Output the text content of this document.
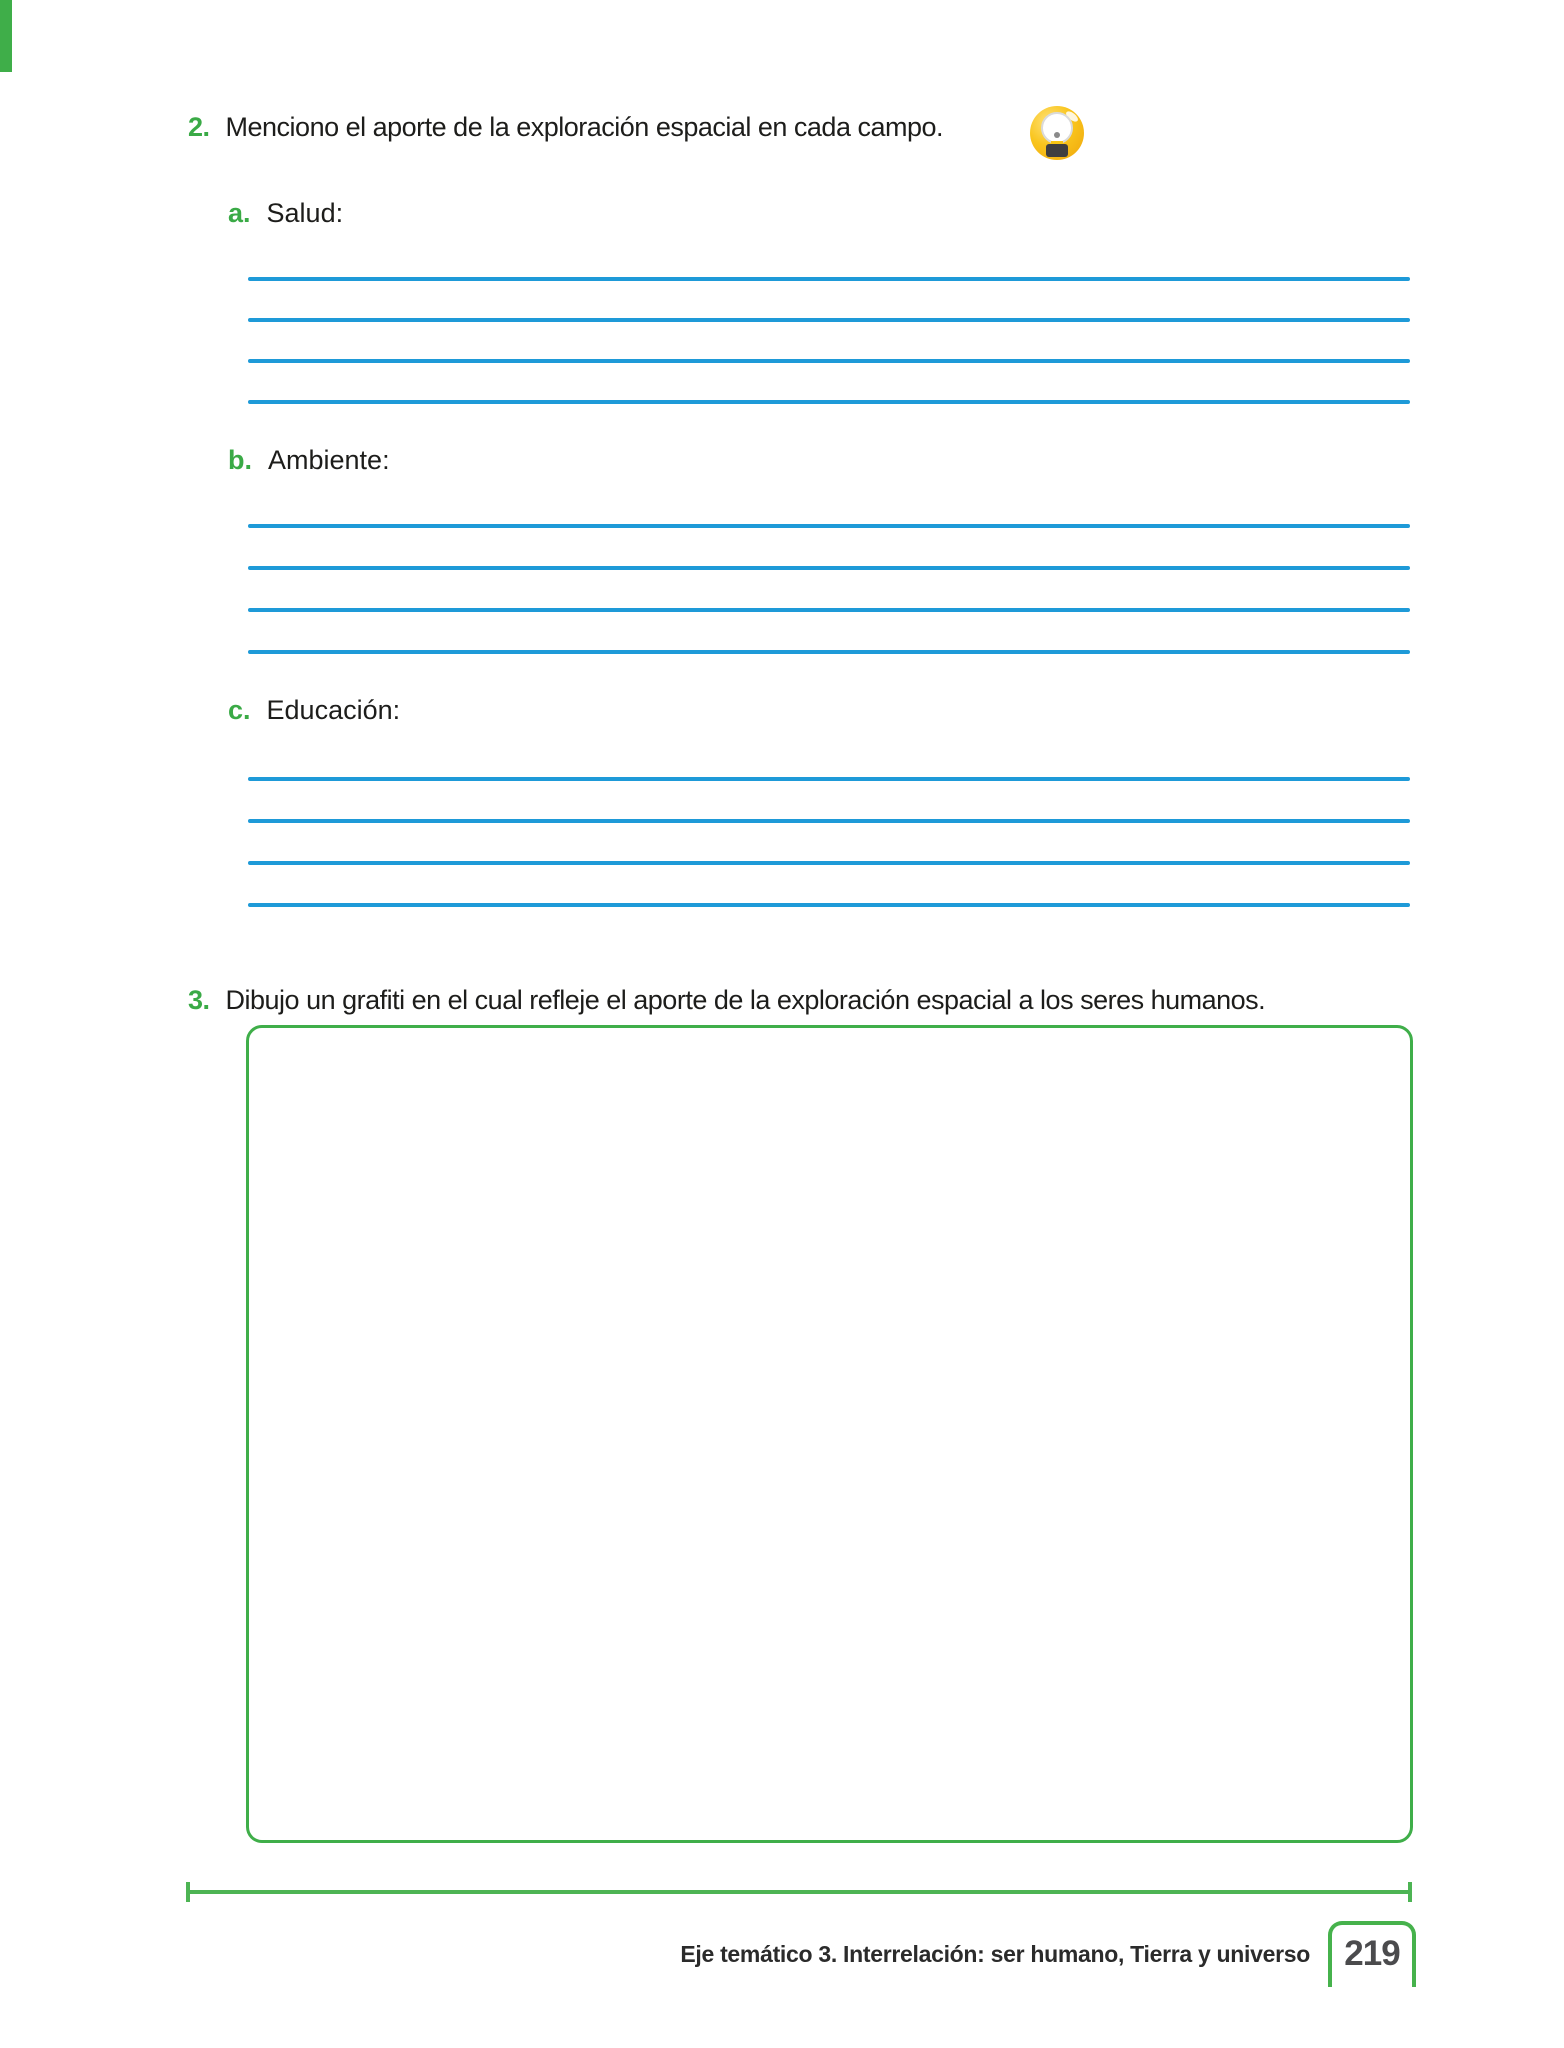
2. Menciono el aporte de la exploración espacial en cada campo.
a. Salud:
b. Ambiente:
c. Educación:
3. Dibujo un grafiti en el cual refleje el aporte de la exploración espacial a los seres humanos.
Eje temático 3. Interrelación: ser humano, Tierra y universo 219
